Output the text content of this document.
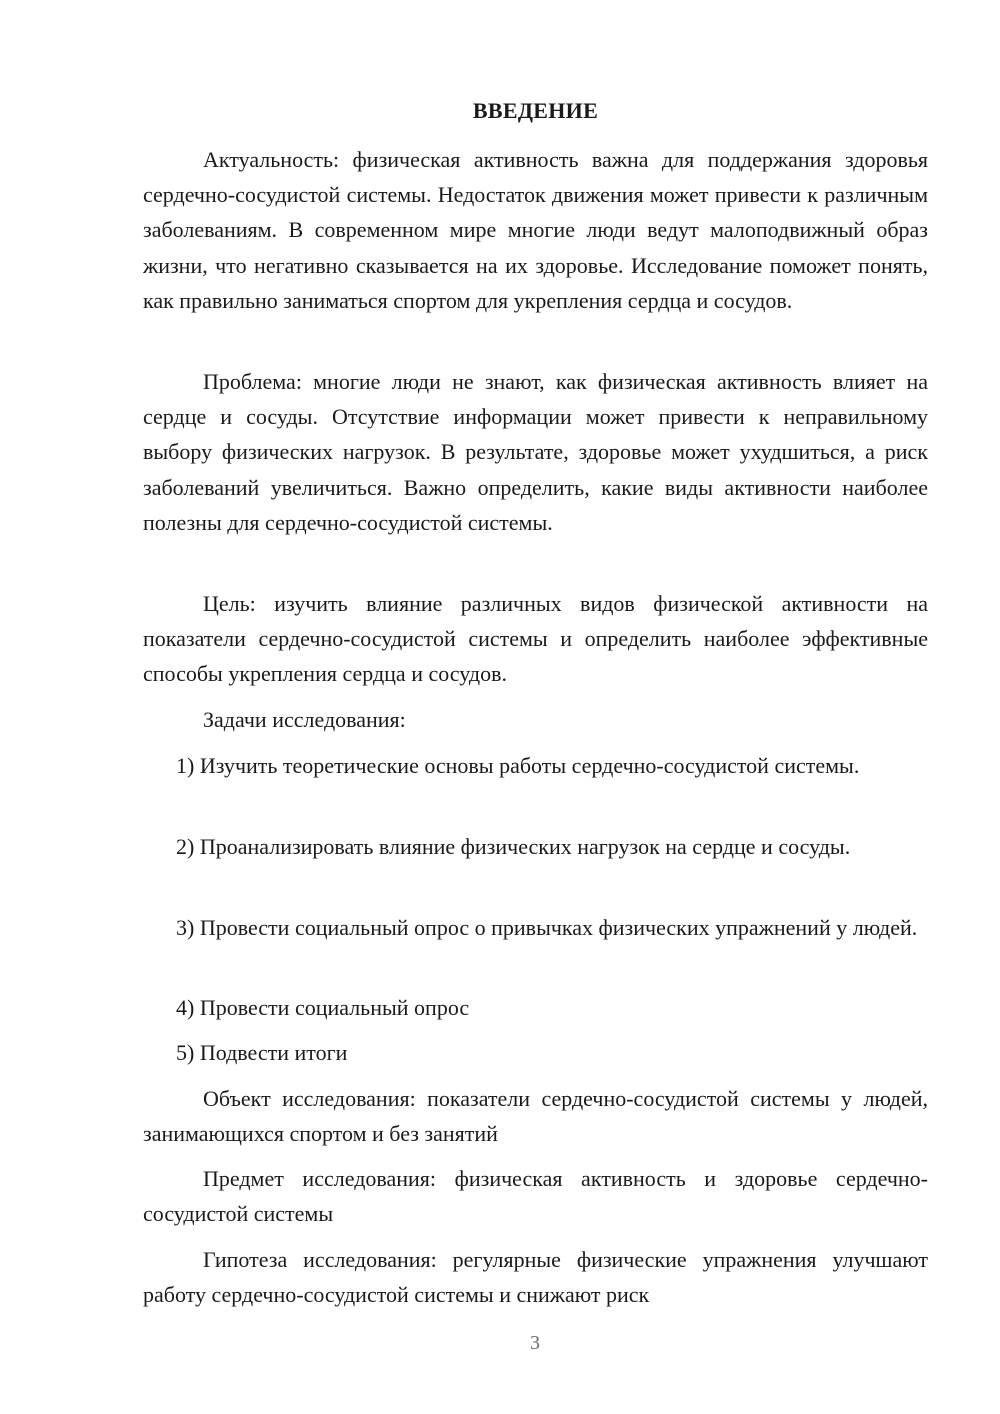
ВВЕДЕНИЕ

Актуальность: физическая активность важна для поддержания здоровья сердечно-сосудистой системы. Недостаток движения может привести к различным заболеваниям. В современном мире многие люди ведут малоподвижный образ жизни, что негативно сказывается на их здоровье. Исследование поможет понять, как правильно заниматься спортом для укрепления сердца и сосудов.

Проблема: многие люди не знают, как физическая активность влияет на сердце и сосуды. Отсутствие информации может привести к неправильному выбору физических нагрузок. В результате, здоровье может ухудшиться, а риск заболеваний увеличиться. Важно определить, какие виды активности наиболее полезны для сердечно-сосудистой системы.

Цель: изучить влияние различных видов физической активности на показатели сердечно-сосудистой системы и определить наиболее эффективные способы укрепления сердца и сосудов.

Задачи исследования:

1) Изучить теоретические основы работы сердечно-сосудистой системы.

2) Проанализировать влияние физических нагрузок на сердце и сосуды.

3) Провести социальный опрос о привычках физических упражнений у людей.

4) Провести социальный опрос

5) Подвести итоги

Объект исследования: показатели сердечно-сосудистой системы у людей, занимающихся спортом и без занятий

Предмет исследования: физическая активность и здоровье сердечно-сосудистой системы

Гипотеза исследования: регулярные физические упражнения улучшают работу сердечно-сосудистой системы и снижают риск

3
